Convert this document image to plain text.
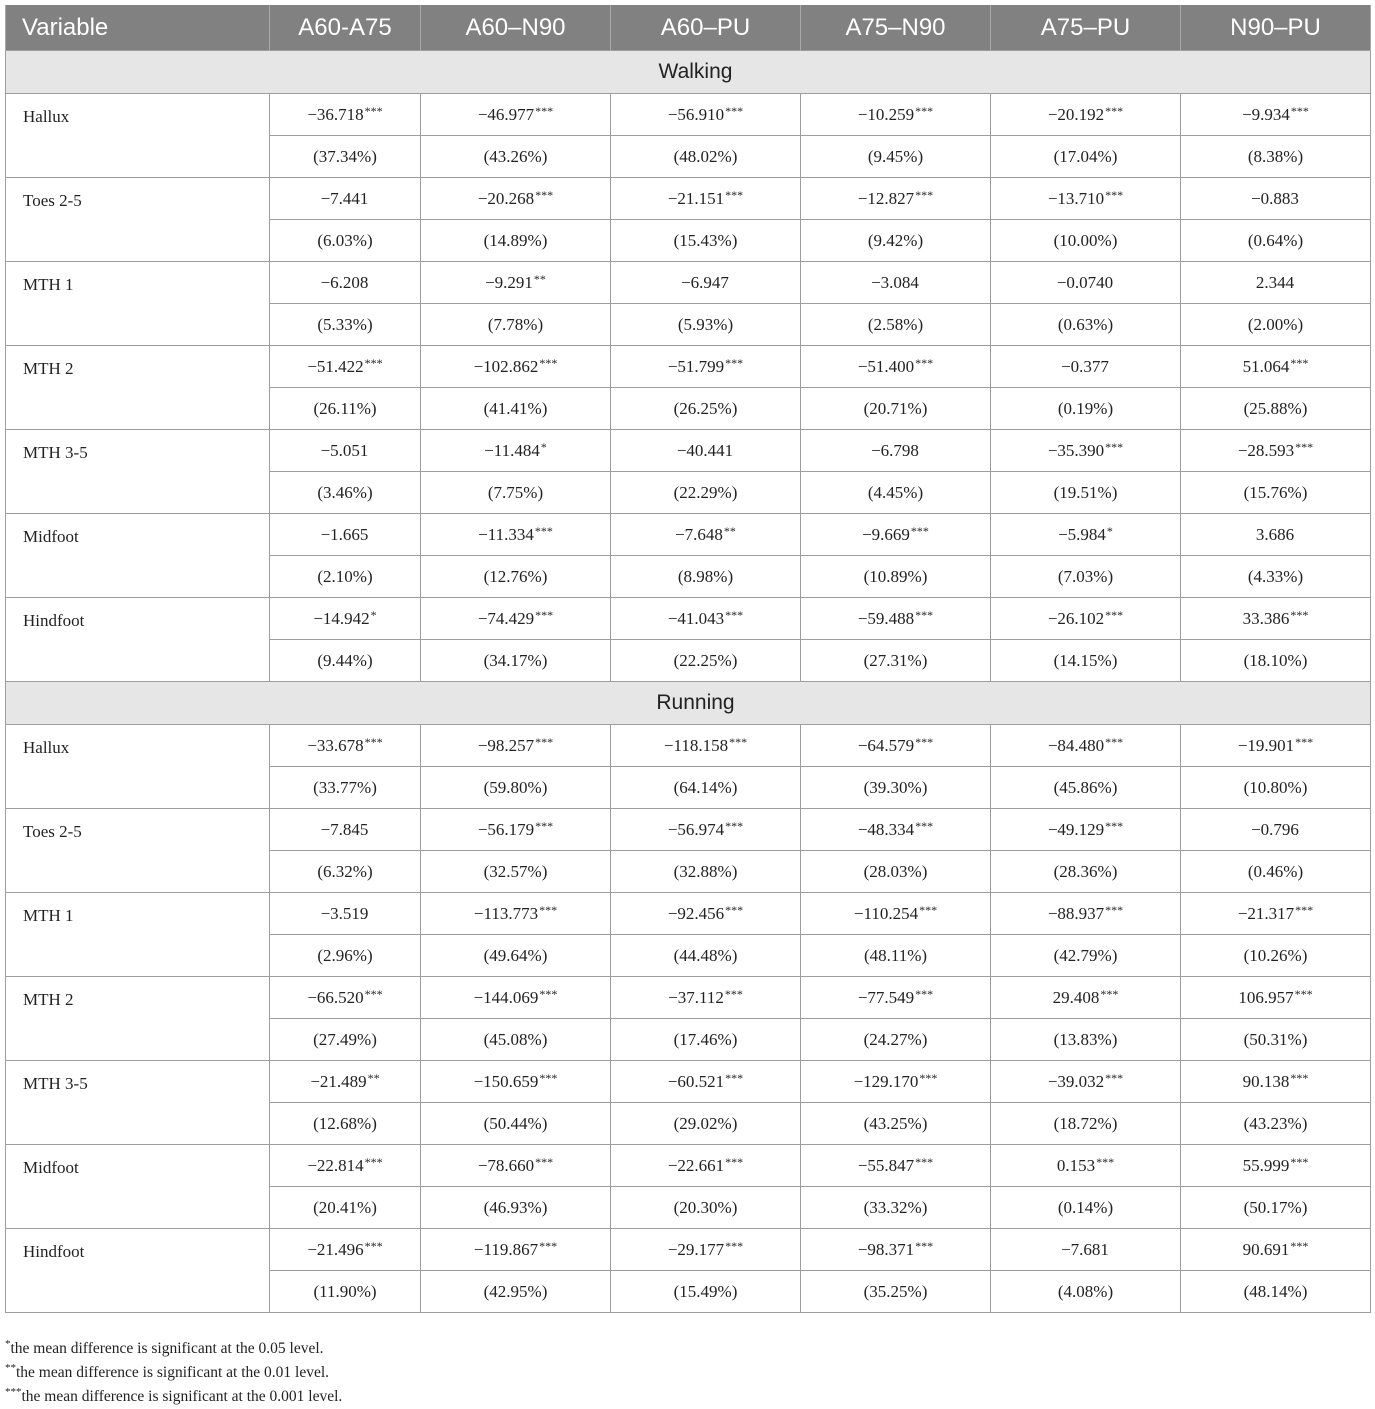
Variable	A60-A75	A60–N90	A60–PU	A75–N90	A75–PU	N90–PU
Walking						
Hallux	−36.718***	−46.977***	−56.910***	−10.259***	−20.192***	−9.934***
	(37.34%)	(43.26%)	(48.02%)	(9.45%)	(17.04%)	(8.38%)
Toes 2-5	−7.441	−20.268***	−21.151***	−12.827***	−13.710***	−0.883
	(6.03%)	(14.89%)	(15.43%)	(9.42%)	(10.00%)	(0.64%)
MTH 1	−6.208	−9.291**	−6.947	−3.084	−0.0740	2.344
	(5.33%)	(7.78%)	(5.93%)	(2.58%)	(0.63%)	(2.00%)
MTH 2	−51.422***	−102.862***	−51.799***	−51.400***	−0.377	51.064***
	(26.11%)	(41.41%)	(26.25%)	(20.71%)	(0.19%)	(25.88%)
MTH 3-5	−5.051	−11.484*	−40.441	−6.798	−35.390***	−28.593***
	(3.46%)	(7.75%)	(22.29%)	(4.45%)	(19.51%)	(15.76%)
Midfoot	−1.665	−11.334***	−7.648**	−9.669***	−5.984*	3.686
	(2.10%)	(12.76%)	(8.98%)	(10.89%)	(7.03%)	(4.33%)
Hindfoot	−14.942*	−74.429***	−41.043***	−59.488***	−26.102***	33.386***
	(9.44%)	(34.17%)	(22.25%)	(27.31%)	(14.15%)	(18.10%)
Running						
Hallux	−33.678***	−98.257***	−118.158***	−64.579***	−84.480***	−19.901***
	(33.77%)	(59.80%)	(64.14%)	(39.30%)	(45.86%)	(10.80%)
Toes 2-5	−7.845	−56.179***	−56.974***	−48.334***	−49.129***	−0.796
	(6.32%)	(32.57%)	(32.88%)	(28.03%)	(28.36%)	(0.46%)
MTH 1	−3.519	−113.773***	−92.456***	−110.254***	−88.937***	−21.317***
	(2.96%)	(49.64%)	(44.48%)	(48.11%)	(42.79%)	(10.26%)
MTH 2	−66.520***	−144.069***	−37.112***	−77.549***	29.408***	106.957***
	(27.49%)	(45.08%)	(17.46%)	(24.27%)	(13.83%)	(50.31%)
MTH 3-5	−21.489**	−150.659***	−60.521***	−129.170***	−39.032***	90.138***
	(12.68%)	(50.44%)	(29.02%)	(43.25%)	(18.72%)	(43.23%)
Midfoot	−22.814***	−78.660***	−22.661***	−55.847***	0.153***	55.999***
	(20.41%)	(46.93%)	(20.30%)	(33.32%)	(0.14%)	(50.17%)
Hindfoot	−21.496***	−119.867***	−29.177***	−98.371***	−7.681	90.691***
	(11.90%)	(42.95%)	(15.49%)	(35.25%)	(4.08%)	(48.14%)
*the mean difference is significant at the 0.05 level.
**the mean difference is significant at the 0.01 level.
***the mean difference is significant at the 0.001 level.
